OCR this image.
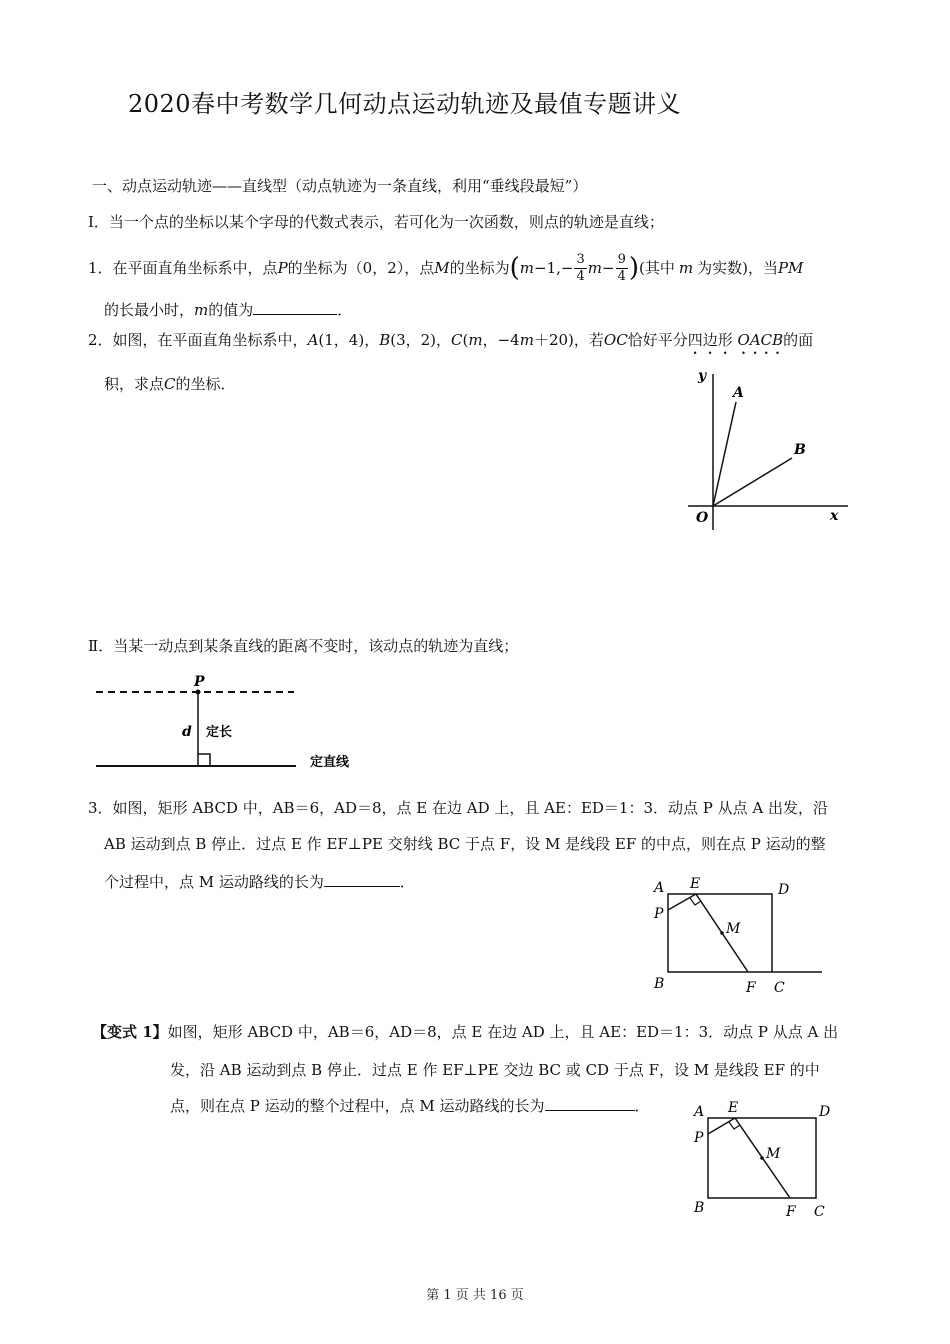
2020春中考数学几何动点运动轨迹及最值专题讲义
一、动点运动轨迹——直线型（动点轨迹为一条直线，利用“垂线段最短”）
Ⅰ．当一个点的坐标以某个字母的代数式表示，若可化为一次函数，则点的轨迹是直线；
1． 在平面直角坐标系中，点 P 的坐标为（0，2），点 M 的坐标为 ( $m -1,- \frac{3}{4}$ $m - \frac{9}{4}$ ) (其中 m 为实数)，当 PM
的长最小时，m的值为	．
2．如图，在平面直角坐标系中，A(1，4)，B(3，2)，C(m，−4m＋20)，若OC恰好平分四边形 OACB的面
积，求点C的坐标．	y
A
B
O	x
Ⅱ．当某一动点到某条直线的距离不变时，该动点的轨迹为直线；
P
d 定长
定直线
3．如图，矩形 ABCD 中，AB＝6，AD＝8，点 E 在边 AD 上，且 AE：ED＝1：3．动点 P 从点 A 出发，沿
AB 运动到点 B 停止．过点 E 作 EF⊥PE 交射线 BC 于点 F，设 M 是线段 EF 的中点，则在点 P 运动的整
个过程中，点 M 运动路线的长为	．	A E	D
P
M
B	F C
【变式 1】如图，矩形 ABCD 中，AB＝6，AD＝8，点 E 在边 AD 上，且 AE：ED＝1：3．动点 P 从点 A 出
发，沿 AB 运动到点 B 停止．过点 E 作 EF⊥PE 交边 BC 或 CD 于点 F，设 M 是线段 EF 的中
点，则在点 P 运动的整个过程中，点 M 运动路线的长为	．	A E	D
P
M
B	F C
第 1 页 共 16 页
